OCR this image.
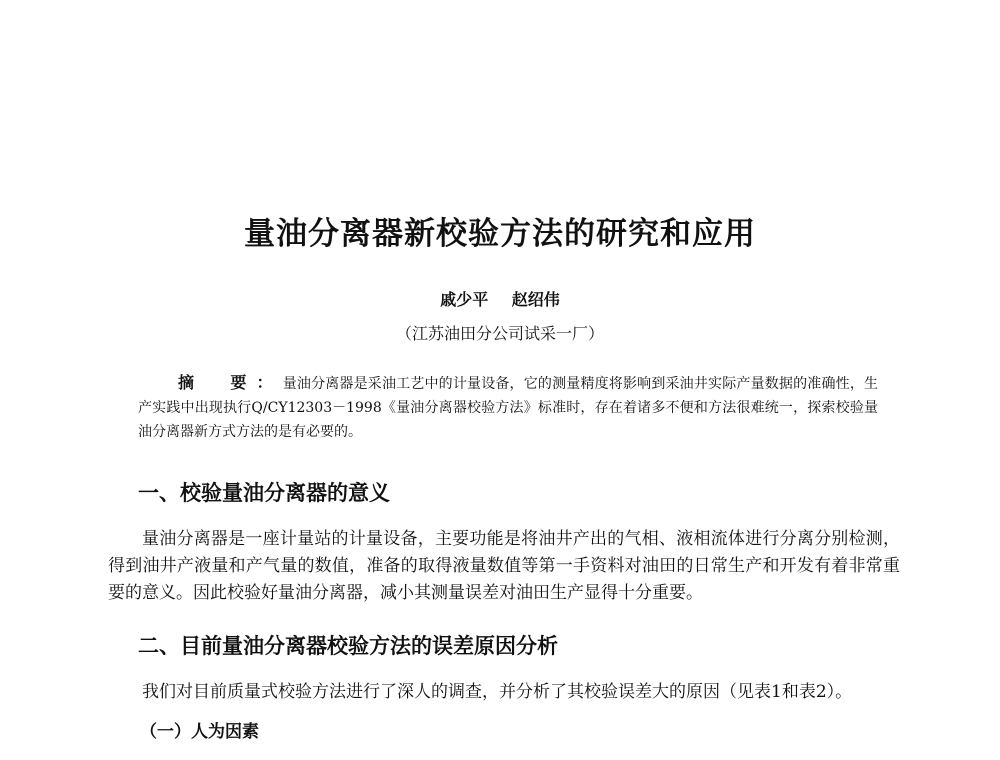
量油分离器新校验方法的研究和应用
戚少平 赵绍伟
（江苏油田分公司试采一厂）
摘　要：量油分离器是采油工艺中的计量设备，它的测量精度将影响到采油井实际产量数据的准确性，生产实践中出现执行Q/CY12303－1998《量油分离器校验方法》标准时，存在着诸多不便和方法很难统一，探索校验量油分离器新方式方法的是有必要的。
一、校验量油分离器的意义
量油分离器是一座计量站的计量设备，主要功能是将油井产出的气相、液相流体进行分离分别检测，得到油井产液量和产气量的数值，准备的取得液量数值等第一手资料对油田的日常生产和开发有着非常重要的意义。因此校验好量油分离器，减小其测量误差对油田生产显得十分重要。
二、目前量油分离器校验方法的误差原因分析
我们对目前质量式校验方法进行了深人的调查，并分析了其校验误差大的原因（见表1和表2）。
（一）人为因素
